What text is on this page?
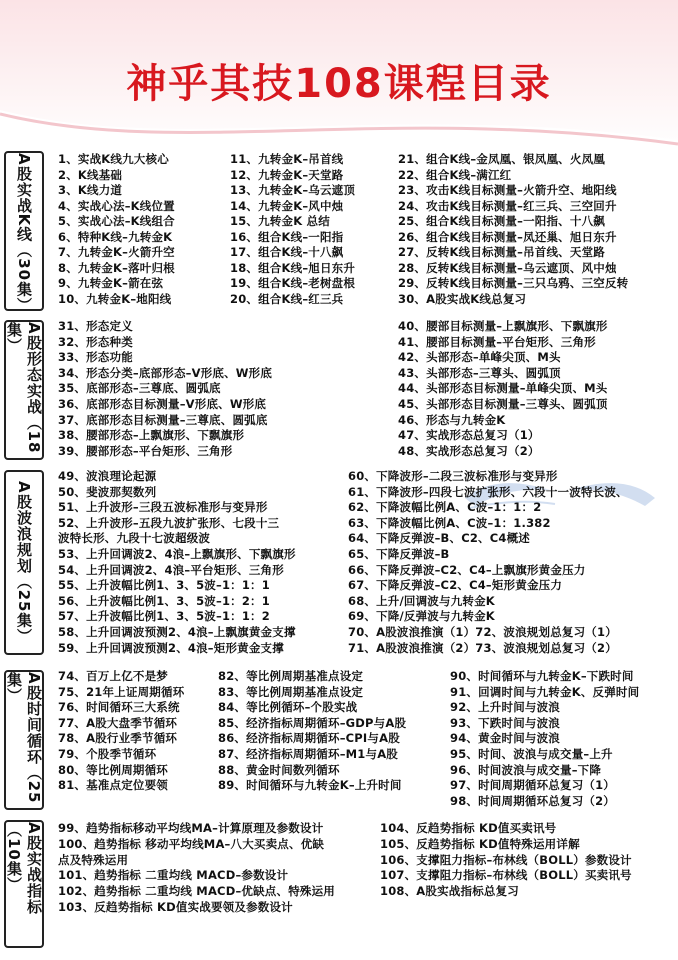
神乎其技108课程目录
A股实战K线（30集） 1、实战K线九大核心
2、K线基础
3、K线力道
4、实战心法–K线位置
5、实战心法–K线组合
6、特种K线–九转金K
7、九转金K–火箭升空
8、九转金K–落叶归根
9、九转金K–箭在弦
10、九转金K–地阳线
11、九转金K–吊首线
12、九转金K–天堂路
13、九转金K–乌云遮顶
14、九转金K–风中烛
15、九转金K 总结
16、组合K线–一阳指
17、组合K线–十八飙
18、组合K线–旭日东升
19、组合K线–老树盘根
20、组合K线–红三兵
21、组合K线–金凤凰、银凤凰、火凤凰
22、组合K线–满江红
23、攻击K线目标测量–火箭升空、地阳线
24、攻击K线目标测量–红三兵、三空回升
25、组合K线目标测量–一阳指、十八飙
26、组合K线目标测量–凤还巢、旭日东升
27、反转K线目标测量–吊首线、天堂路
28、反转K线目标测量–乌云遮顶、风中烛
29、反转K线目标测量–三只乌鸦、三空反转
30、A股实战K线总复习
A股形态实战（18集）	31、形态定义
32、形态种类
33、形态功能
34、形态分类–底部形态–V形底、W形底
35、底部形态–三尊底、圆弧底
36、底部形态目标测量–V形底、W形底
37、底部形态目标测量–三尊底、圆弧底
38、腰部形态–上飘旗形、下飘旗形
39、腰部形态–平台矩形、三角形
40、腰部目标测量–上飘旗形、下飘旗形
41、腰部目标测量–平台矩形、三角形
42、头部形态–单峰尖顶、M头
43、头部形态–三尊头、圆弧顶
44、头部形态目标测量–单峰尖顶、M头
45、头部形态目标测量–三尊头、圆弧顶
46、形态与九转金K
47、实战形态总复习（1）
48、实战形态总复习（2）
A股波浪规划（25集）
49、波浪理论起源
50、斐波那契数列
51、上升波形–三段五波标准形与变异形
52、上升波形–五段九波扩张形、七段十三
波特长形、九段十七波超级波
53、上升回调波2、4浪–上飘旗形、下飘旗形
54、上升回调波2、4浪–平台矩形、三角形
55、上升波幅比例1、3、5波–1：1：1
56、上升波幅比例1、3、5波–1：2：1
57、上升波幅比例1、3、5波–1：1：2
58、上升回调波预测2、4浪–上飘旗黄金支撑
59、上升回调波预测2、4浪–矩形黄金支撑
60、下降波形–二段三波标准形与变异形
61、下降波形–四段七波扩张形、六段十一波特长波、
62、下降波幅比例A、C波–1：1：2
63、下降波幅比例A、C波–1：1.382
64、下降反弹波–B、C2、C4概述
65、下降反弹波–B
66、下降反弹波–C2、C4–上飘旗形黄金压力
67、下降反弹波–C2、C4–矩形黄金压力
68、上升/回调波与九转金K
69、下降/反弹波与九转金K
70、A股波浪推演（1）72、波浪规划总复习（1）
71、A股波浪推演（2）73、波浪规划总复习（2）
A股时间循环（25集）	74、百万上亿不是梦
75、21年上证周期循环
76、时间循环三大系统
77、A股大盘季节循环
78、A股行业季节循环
79、个股季节循环
80、等比例周期循环
81、基准点定位要领
82、等比例周期基准点设定
83、等比例周期基准点设定
84、等比例循环–个股实战
85、经济指标周期循环–GDP与A股
86、经济指标周期循环–CPI与A股
87、经济指标周期循环–M1与A股
88、黄金时间数列循环
89、时间循环与九转金K–上升时间
90、时间循环与九转金K–下跌时间
91、回调时间与九转金K、反弹时间
92、上升时间与波浪
93、下跌时间与波浪
94、黄金时间与波浪
95、时间、波浪与成交量–上升
96、时间波浪与成交量–下降
97、时间周期循环总复习（1）
98、时间周期循环总复习（2）
A股实战指标（10集）	99、趋势指标移动平均线MA–计算原理及参数设计
100、趋势指标 移动平均线MA–八大买卖点、优缺
点及特殊运用
101、趋势指标 二重均线 MACD–参数设计
102、趋势指标 二重均线 MACD–优缺点、特殊运用
103、反趋势指标 KD值实战要领及参数设计
104、反趋势指标 KD值买卖讯号
105、反趋势指标 KD值特殊运用详解
106、支撑阻力指标–布林线（BOLL）参数设计
107、支撑阻力指标–布林线（BOLL）买卖讯号
108、A股实战指标总复习
